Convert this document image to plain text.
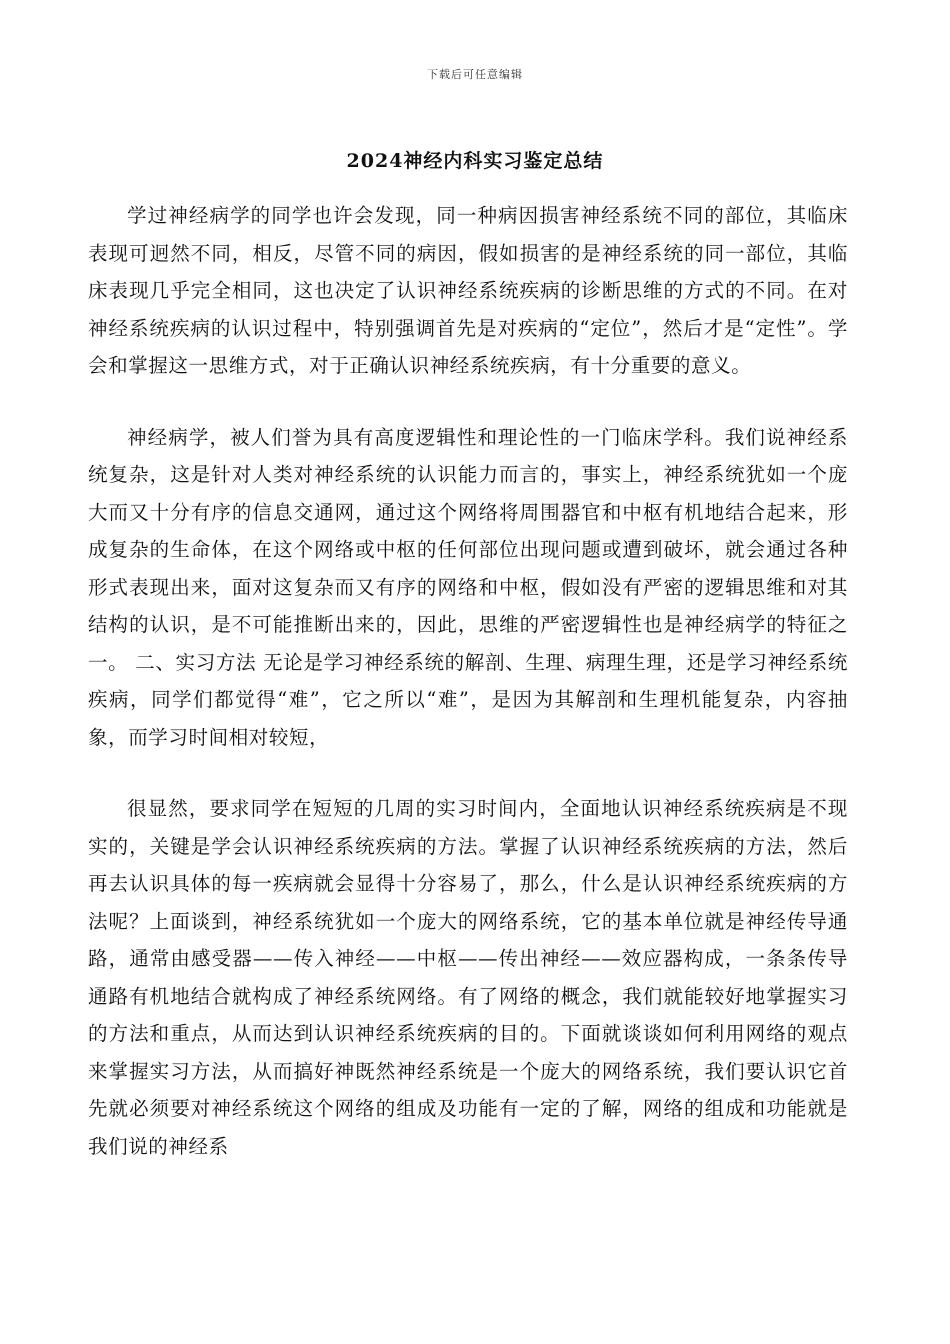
下载后可任意编辑
2024神经内科实习鉴定总结

学过神经病学的同学也许会发现，同一种病因损害神经系统不同的部位，其临床表现可迥然不同，相反，尽管不同的病因，假如损害的是神经系统的同一部位，其临床表现几乎完全相同，这也决定了认识神经系统疾病的诊断思维的方式的不同。在对神经系统疾病的认识过程中，特别强调首先是对疾病的“定位”，然后才是“定性”。学会和掌握这一思维方式，对于正确认识神经系统疾病，有十分重要的意义。

神经病学，被人们誉为具有高度逻辑性和理论性的一门临床学科。我们说神经系统复杂，这是针对人类对神经系统的认识能力而言的，事实上，神经系统犹如一个庞大而又十分有序的信息交通网，通过这个网络将周围器官和中枢有机地结合起来，形成复杂的生命体，在这个网络或中枢的任何部位出现问题或遭到破坏，就会通过各种形式表现出来，面对这复杂而又有序的网络和中枢，假如没有严密的逻辑思维和对其结构的认识，是不可能推断出来的，因此，思维的严密逻辑性也是神经病学的特征之一。 二、实习方法 无论是学习神经系统的解剖、生理、病理生理，还是学习神经系统疾病，同学们都觉得“难”，它之所以“难”，是因为其解剖和生理机能复杂，内容抽象，而学习时间相对较短，

很显然，要求同学在短短的几周的实习时间内，全面地认识神经系统疾病是不现实的，关键是学会认识神经系统疾病的方法。掌握了认识神经系统疾病的方法，然后再去认识具体的每一疾病就会显得十分容易了，那么，什么是认识神经系统疾病的方法呢？上面谈到，神经系统犹如一个庞大的网络系统，它的基本单位就是神经传导通路，通常由感受器——传入神经——中枢——传出神经——效应器构成，一条条传导通路有机地结合就构成了神经系统网络。有了网络的概念，我们就能较好地掌握实习的方法和重点，从而达到认识神经系统疾病的目的。下面就谈谈如何利用网络的观点来掌握实习方法，从而搞好神既然神经系统是一个庞大的网络系统，我们要认识它首先就必须要对神经系统这个网络的组成及功能有一定的了解，网络的组成和功能就是我们说的神经系
